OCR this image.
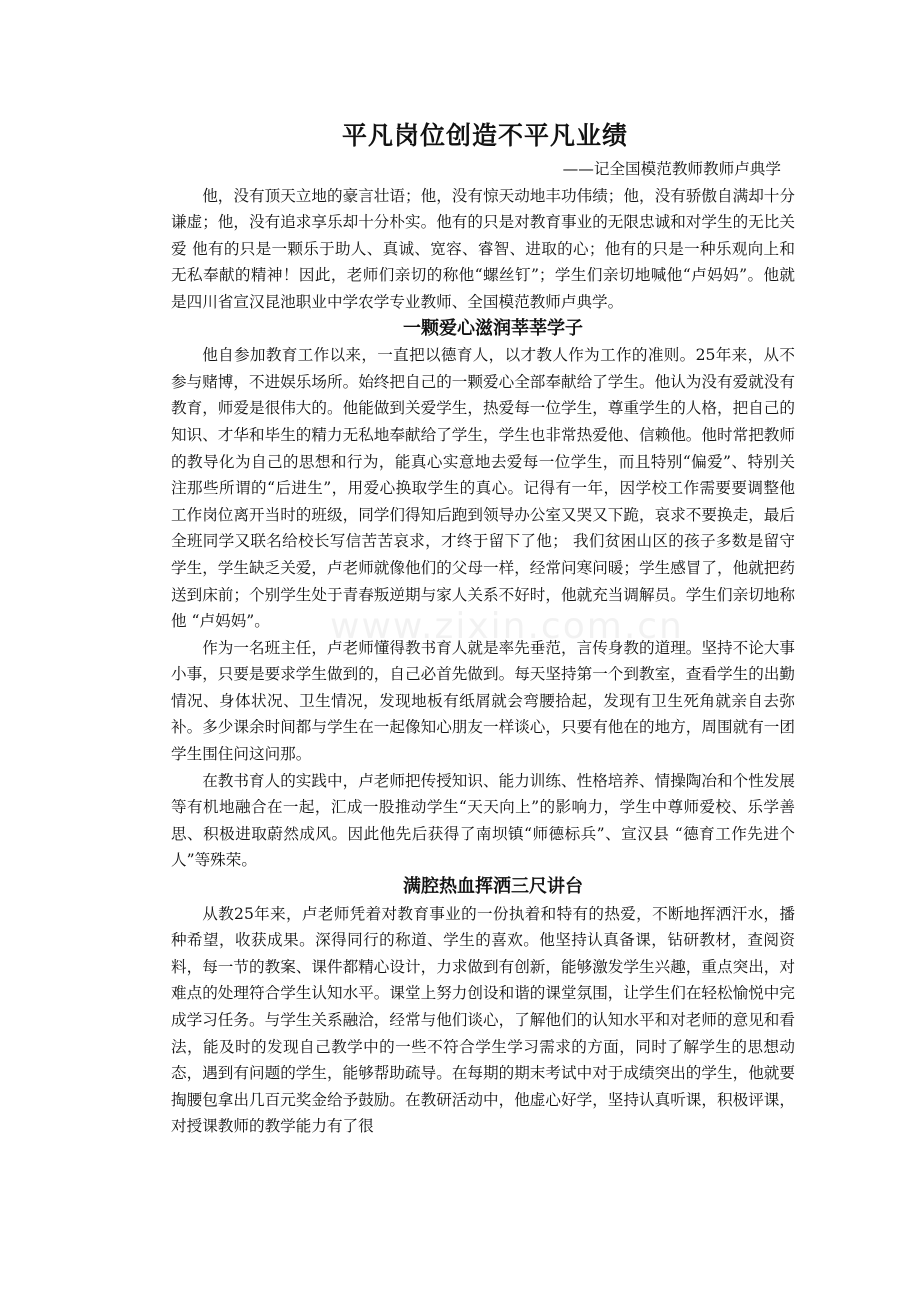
www.zixin.com.cn
平凡岗位创造不平凡业绩

——记全国模范教师教师卢典学

他，没有顶天立地的豪言壮语；他，没有惊天动地丰功伟绩；他，没有骄傲自满却十分谦虚；他，没有追求享乐却十分朴实。他有的只是对教育事业的无限忠诚和对学生的无比关爱 他有的只是一颗乐于助人、真诚、宽容、睿智、进取的心；他有的只是一种乐观向上和无私奉献的精神！因此，老师们亲切的称他“螺丝钉”；学生们亲切地喊他“卢妈妈”。他就是四川省宣汉昆池职业中学农学专业教师、全国模范教师卢典学。

一颗爱心滋润莘莘学子

他自参加教育工作以来，一直把以德育人，以才教人作为工作的准则。25年来，从不参与赌博，不进娱乐场所。始终把自己的一颗爱心全部奉献给了学生。他认为没有爱就没有教育，师爱是很伟大的。他能做到关爱学生，热爱每一位学生，尊重学生的人格，把自己的知识、才华和毕生的精力无私地奉献给了学生，学生也非常热爱他、信赖他。他时常把教师的教导化为自己的思想和行为，能真心实意地去爱每一位学生，而且特别“偏爱”、特别关注那些所谓的“后进生”，用爱心换取学生的真心。记得有一年，因学校工作需要要调整他工作岗位离开当时的班级，同学们得知后跑到领导办公室又哭又下跪，哀求不要换走，最后全班同学又联名给校长写信苦苦哀求，才终于留下了他； 我们贫困山区的孩子多数是留守学生，学生缺乏关爱，卢老师就像他们的父母一样，经常问寒问暖；学生感冒了，他就把药送到床前；个别学生处于青春叛逆期与家人关系不好时，他就充当调解员。学生们亲切地称他 “卢妈妈”。

作为一名班主任，卢老师懂得教书育人就是率先垂范，言传身教的道理。坚持不论大事小事，只要是要求学生做到的，自己必首先做到。每天坚持第一个到教室，查看学生的出勤情况、身体状况、卫生情况，发现地板有纸屑就会弯腰拾起，发现有卫生死角就亲自去弥补。多少课余时间都与学生在一起像知心朋友一样谈心，只要有他在的地方，周围就有一团学生围住问这问那。

在教书育人的实践中，卢老师把传授知识、能力训练、性格培养、情操陶冶和个性发展等有机地融合在一起，汇成一股推动学生“天天向上”的影响力，学生中尊师爱校、乐学善思、积极进取蔚然成风。因此他先后获得了南坝镇“师德标兵”、宣汉县 “德育工作先进个人”等殊荣。

满腔热血挥洒三尺讲台

从教25年来，卢老师凭着对教育事业的一份执着和特有的热爱，不断地挥洒汗水，播种希望，收获成果。深得同行的称道、学生的喜欢。他坚持认真备课，钻研教材，查阅资料，每一节的教案、课件都精心设计，力求做到有创新，能够激发学生兴趣，重点突出，对难点的处理符合学生认知水平。课堂上努力创设和谐的课堂氛围，让学生们在轻松愉悦中完成学习任务。与学生关系融洽，经常与他们谈心，了解他们的认知水平和对老师的意见和看法，能及时的发现自己教学中的一些不符合学生学习需求的方面，同时了解学生的思想动态，遇到有问题的学生，能够帮助疏导。在每期的期末考试中对于成绩突出的学生，他就要掏腰包拿出几百元奖金给予鼓励。在教研活动中，他虚心好学，坚持认真听课，积极评课，对授课教师的教学能力有了很
